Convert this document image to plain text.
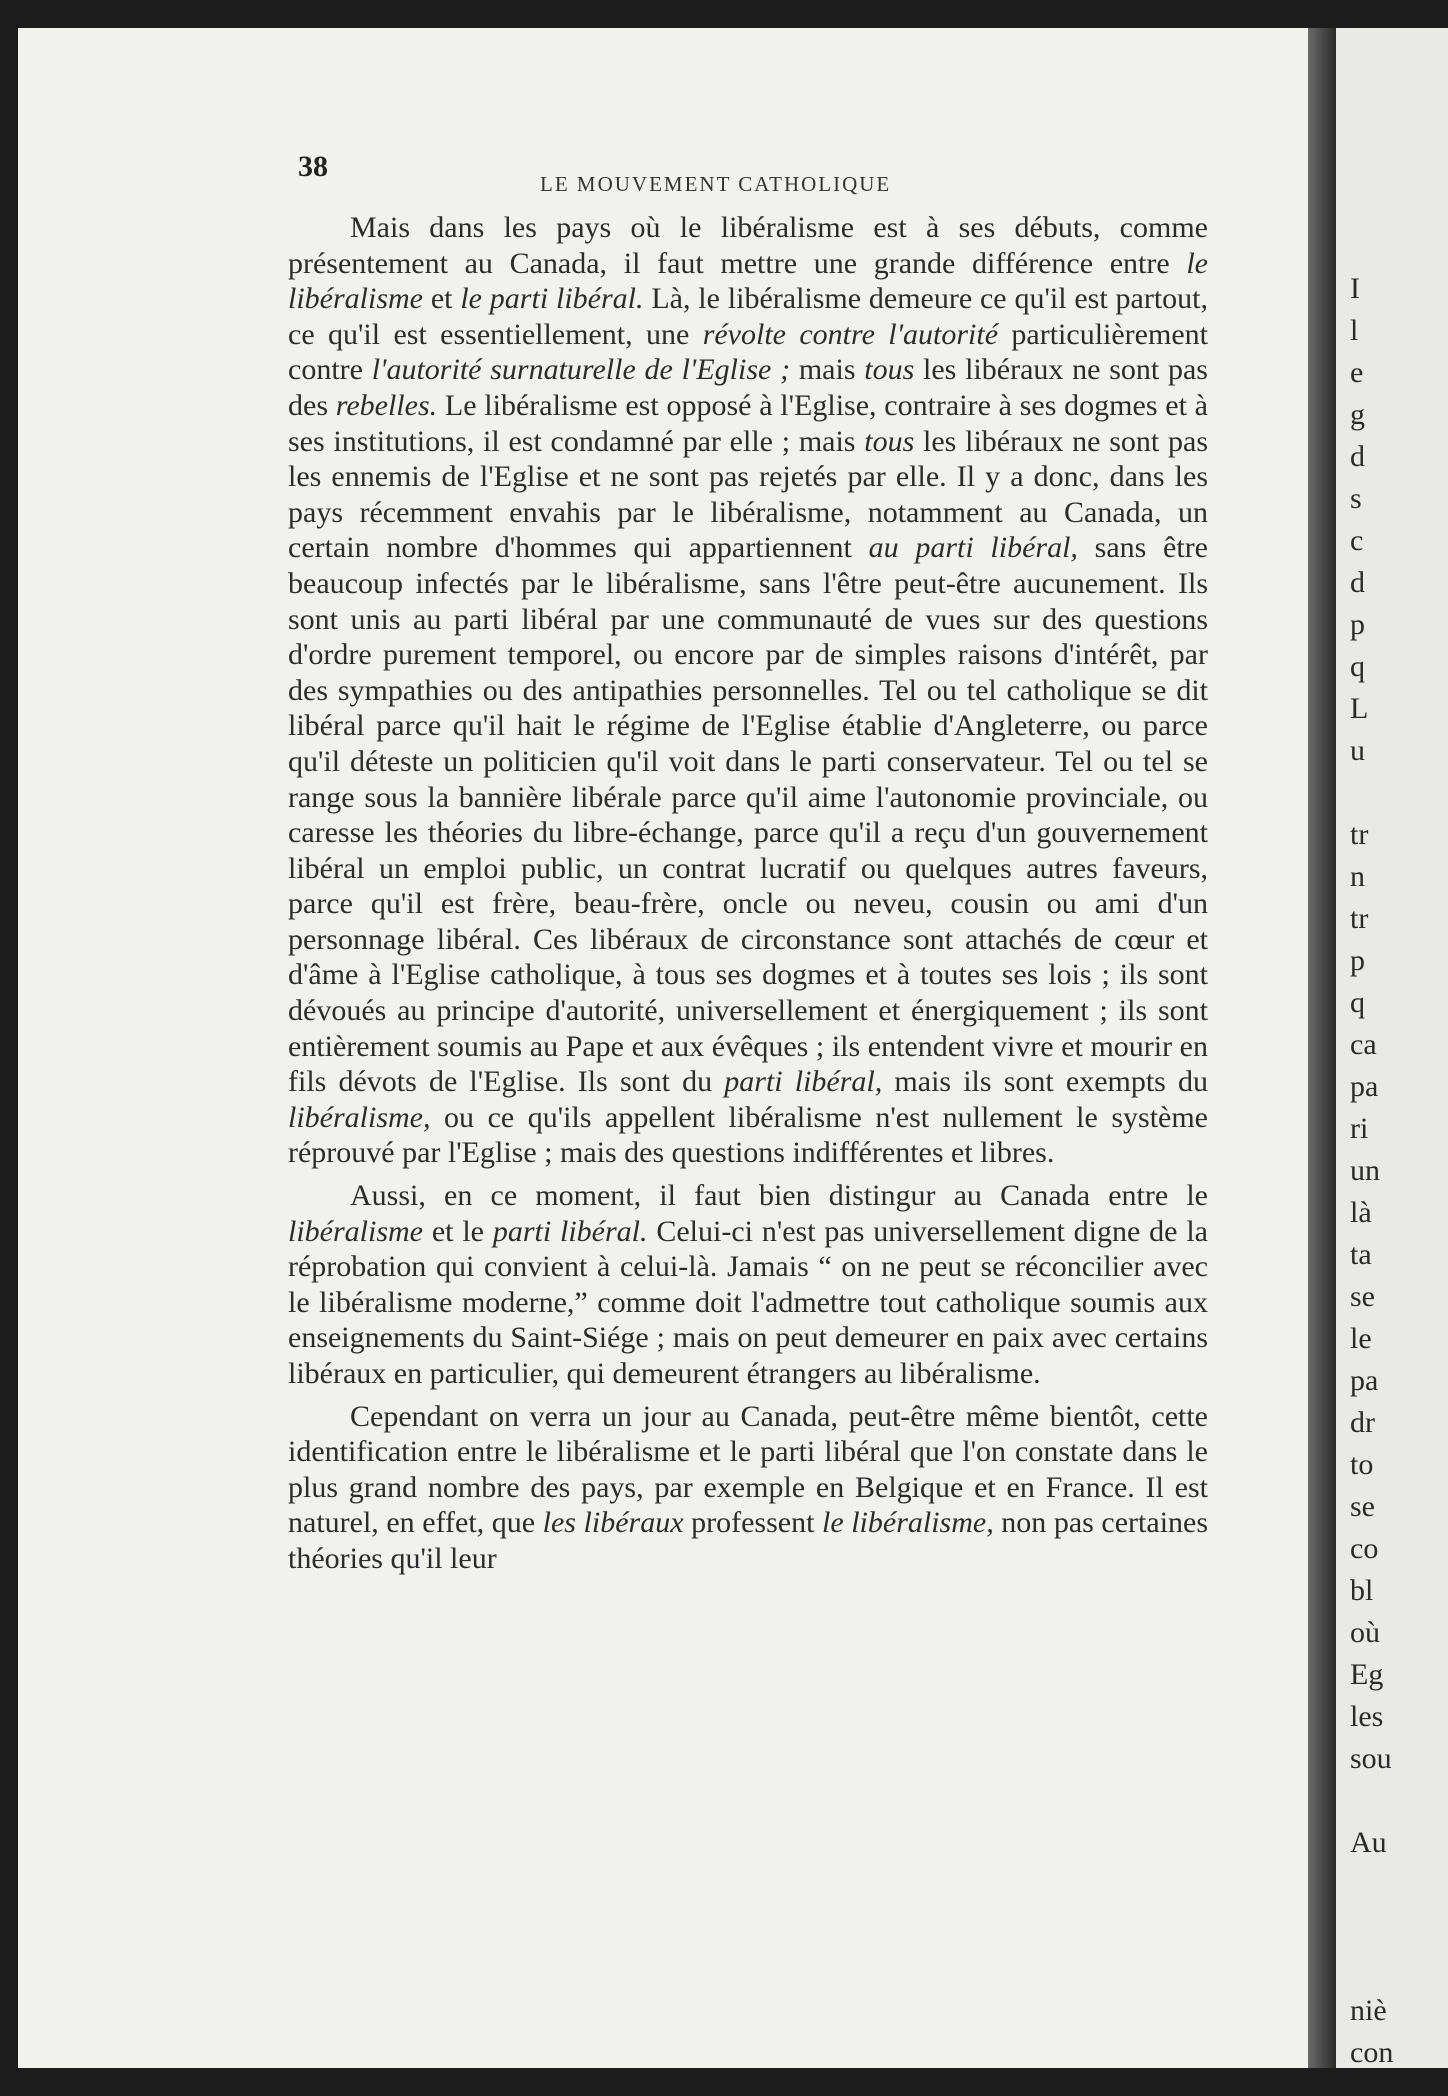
I
l
e
g
d
s
c
d
p
q
L
u
tr
n
tr
p
q
ca
pa
ri
un
là
ta
se
le
pa
dr
to
se
co
bl
où
Eg
les
sou
Au
niè
con
38
LE MOUVEMENT CATHOLIQUE

Mais dans les pays où le libéralisme est à ses débuts, comme présentement au Canada, il faut mettre une grande différence entre le libéralisme et le parti libéral. Là, le libéralisme demeure ce qu'il est partout, ce qu'il est essentiellement, une révolte contre l'autorité particulièrement contre l'autorité surnaturelle de l'Eglise ; mais tous les libéraux ne sont pas des rebelles. Le libéralisme est opposé à l'Eglise, contraire à ses dogmes et à ses institutions, il est condamné par elle ; mais tous les libéraux ne sont pas les ennemis de l'Eglise et ne sont pas rejetés par elle. Il y a donc, dans les pays récemment envahis par le libéralisme, notamment au Canada, un certain nombre d'hommes qui appartiennent au parti libéral, sans être beaucoup infectés par le libéralisme, sans l'être peut-être aucunement. Ils sont unis au parti libéral par une communauté de vues sur des questions d'ordre purement temporel, ou encore par de simples raisons d'intérêt, par des sympathies ou des antipathies personnelles. Tel ou tel catholique se dit libéral parce qu'il hait le régime de l'Eglise établie d'Angleterre, ou parce qu'il déteste un politicien qu'il voit dans le parti conservateur. Tel ou tel se range sous la bannière libérale parce qu'il aime l'autonomie provinciale, ou caresse les théories du libre-échange, parce qu'il a reçu d'un gouvernement libéral un emploi public, un contrat lucratif ou quelques autres faveurs, parce qu'il est frère, beau-frère, oncle ou neveu, cousin ou ami d'un personnage libéral. Ces libéraux de circonstance sont attachés de cœur et d'âme à l'Eglise catholique, à tous ses dogmes et à toutes ses lois ; ils sont dévoués au principe d'autorité, universellement et énergiquement ; ils sont entièrement soumis au Pape et aux évêques ; ils entendent vivre et mourir en fils dévots de l'Eglise. Ils sont du parti libéral, mais ils sont exempts du libéralisme, ou ce qu'ils appellent libéralisme n'est nullement le système réprouvé par l'Eglise ; mais des questions indifférentes et libres.

Aussi, en ce moment, il faut bien distingur au Canada entre le libéralisme et le parti libéral. Celui-ci n'est pas universellement digne de la réprobation qui convient à celui-là. Jamais “ on ne peut se réconcilier avec le libéralisme moderne,” comme doit l'admettre tout catholique soumis aux enseignements du Saint-Siége ; mais on peut demeurer en paix avec certains libéraux en particulier, qui demeurent étrangers au libéralisme.

Cependant on verra un jour au Canada, peut-être même bientôt, cette identification entre le libéralisme et le parti libéral que l'on constate dans le plus grand nombre des pays, par exemple en Belgique et en France. Il est naturel, en effet, que les libéraux professent le libéralisme, non pas certaines théories qu'il leur
